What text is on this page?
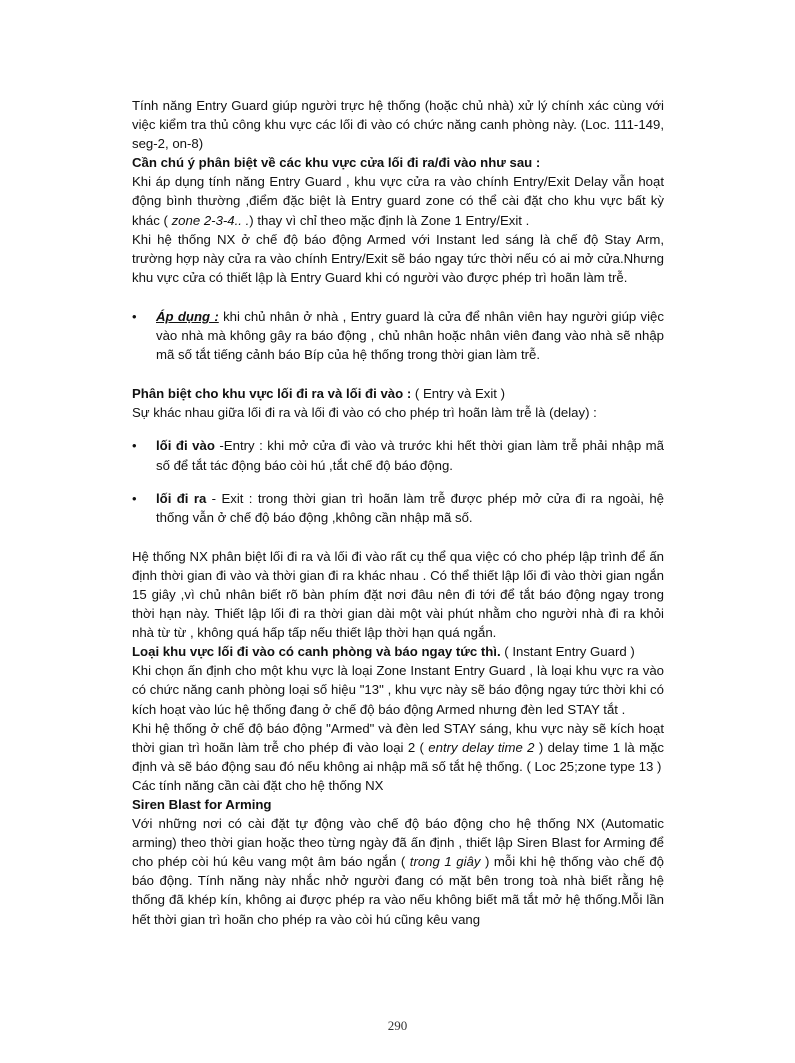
Tính năng Entry Guard giúp người trực hệ thống (hoặc chủ nhà) xử lý chính xác cùng với việc kiểm tra thủ công khu vực các lối đi vào có chức năng canh phòng này. (Loc. 111-149, seg-2, on-8)

Cần chú ý phân biệt về các khu vực cửa lối đi ra/đi vào như sau :

Khi áp dụng tính năng Entry Guard , khu vực cửa ra vào chính Entry/Exit Delay vẫn hoạt động bình thường ,điểm đặc biệt là Entry guard zone có thể cài đặt cho khu vực bất kỳ khác ( zone 2-3-4.. .) thay vì chỉ theo mặc định là Zone 1 Entry/Exit .

Khi hệ thống NX ở chế độ báo động Armed với Instant led sáng là chế độ Stay Arm, trường hợp này cửa ra vào chính Entry/Exit sẽ báo ngay tức thời nếu có ai mở cửa.Nhưng khu vực cửa có thiết lập là Entry Guard khi có người vào được phép trì hoãn làm trễ.

• Áp dụng : khi chủ nhân ở nhà , Entry guard là cửa để nhân viên hay người giúp việc vào nhà mà không gây ra báo động , chủ nhân hoặc nhân viên đang vào nhà sẽ nhập mã số tắt tiếng cảnh báo Bíp của hệ thống trong thời gian làm trễ.

Phân biệt cho khu vực lối đi ra và lối đi vào : ( Entry và Exit )

Sự khác nhau giữa lối đi ra và lối đi vào có cho phép trì hoãn làm trễ là (delay) :

• lối đi vào -Entry : khi mở cửa đi vào và trước khi hết thời gian làm trễ phải nhập mã số để tắt tác động báo còi hú ,tắt chế độ báo động.
• lối đi ra - Exit : trong thời gian trì hoãn làm trễ được phép mở cửa đi ra ngoài, hệ thống vẫn ở chế độ báo động ,không cần nhập mã số.

Hệ thống NX phân biệt lối đi ra và lối đi vào rất cụ thể qua việc có cho phép lập trình để ấn định thời gian đi vào và thời gian đi ra khác nhau . Có thể thiết lập lối đi vào thời gian ngắn 15 giây ,vì chủ nhân biết rõ bàn phím đặt nơi đâu nên đi tới để tắt báo động ngay trong thời hạn này. Thiết lập lối đi ra thời gian dài một vài phút nhằm cho người nhà đi ra khỏi nhà từ từ , không quá hấp tấp nếu thiết lập thời hạn quá ngắn.

Loại khu vực lối đi vào có canh phòng và báo ngay tức thì. ( Instant Entry Guard )

Khi chọn ấn định cho một khu vực là loại Zone Instant Entry Guard , là loại khu vực ra vào có chức năng canh phòng loại số hiệu "13" , khu vực này sẽ báo động ngay tức thời khi có kích hoạt vào lúc hệ thống đang ở chế độ báo động Armed nhưng đèn led STAY tắt .

Khi hệ thống ở chế độ báo động "Armed" và đèn led STAY sáng, khu vực này sẽ kích hoạt thời gian trì hoãn làm trễ cho phép đi vào loại 2 ( entry delay time 2 ) delay time 1 là mặc định và sẽ báo động sau đó nếu không ai nhập mã số tắt hệ thống. ( Loc 25;zone type 13 )

Các tính năng cần cài đặt cho hệ thống NX

Siren Blast for Arming

Với những nơi có cài đặt tự động vào chế độ báo động cho hệ thống NX (Automatic arming) theo thời gian hoặc theo từng ngày đã ấn định , thiết lập Siren Blast for Arming để cho phép còi hú kêu vang một âm báo ngắn ( trong 1 giây ) mỗi khi hệ thống vào chế độ báo động. Tính năng này nhắc nhở người đang có mặt bên trong toà nhà biết rằng hệ thống đã khép kín, không ai được phép ra vào nếu không biết mã tắt mở hệ thống.Mỗi lần hết thời gian trì hoãn cho phép ra vào còi hú cũng kêu vang

290
